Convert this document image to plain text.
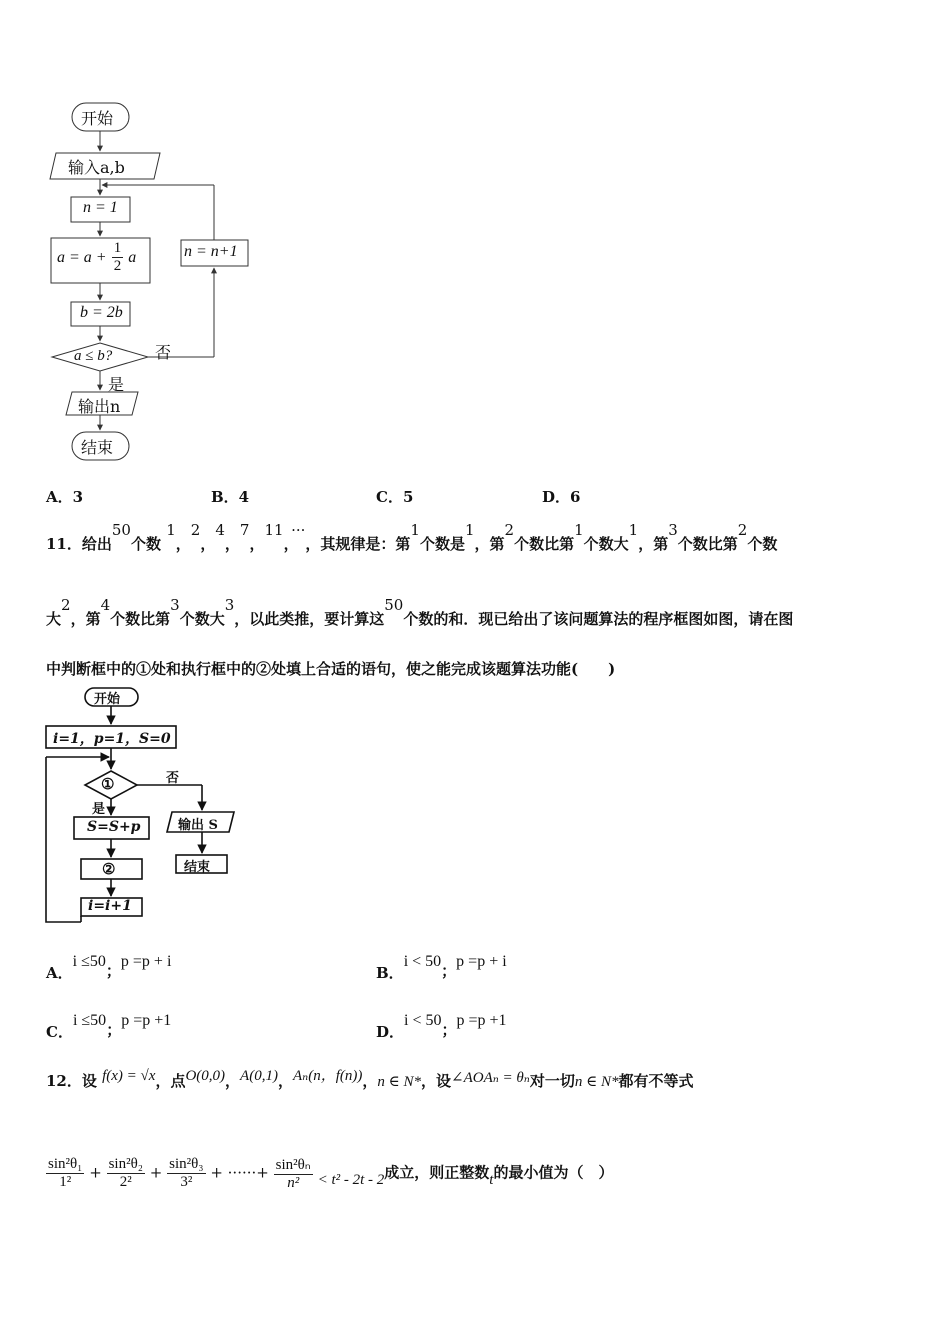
开始
输入a,b
n = 1
$a = a + \frac{1}{2}$ a
b = 2b
a ≤ b?	否
是
n = n+1
输出n
结束
A．3	B．4	C．5	D．6
11．给出50个数 1，2，4，7，11，···，其规律是：第1个数是1，第2个数比第1个数大1，第3个数比第2个数
大2，第4个数比第3个数大3，以此类推，要计算这50个数的和．现已给出了该问题算法的程序框图如图，请在图
中判断框中的①处和执行框中的②处填上合适的语句，使之能完成该题算法功能(　　)
开始
i=1，p=1，S=0
①	否
是
S=S+p
②
i=i+1
输出 S
结束
A．i ≤50；p =p + i
B．i < 50；p =p + i
C．i ≤50；p =p +1
D．i < 50；p =p +1
12．设 f(x) = √x，点O(0,0)，A(0,1)，Aₙ(n，f(n))，n ∈ N*，设∠AOAₙ = θₙ对一切n ∈ N*都有不等式
$\frac{\text{sin²θ₁}}{\text{1²}} + \frac{\text{sin²θ₂}}{\text{2²}} + \frac{\text{sin²θ₃}}{\text{3²}}$ + ······+ $\frac{\text{sin²θₙ}}{\text{n²}} < t^2 - 2t - 2$成立，则正整数t的最小值为（　）
